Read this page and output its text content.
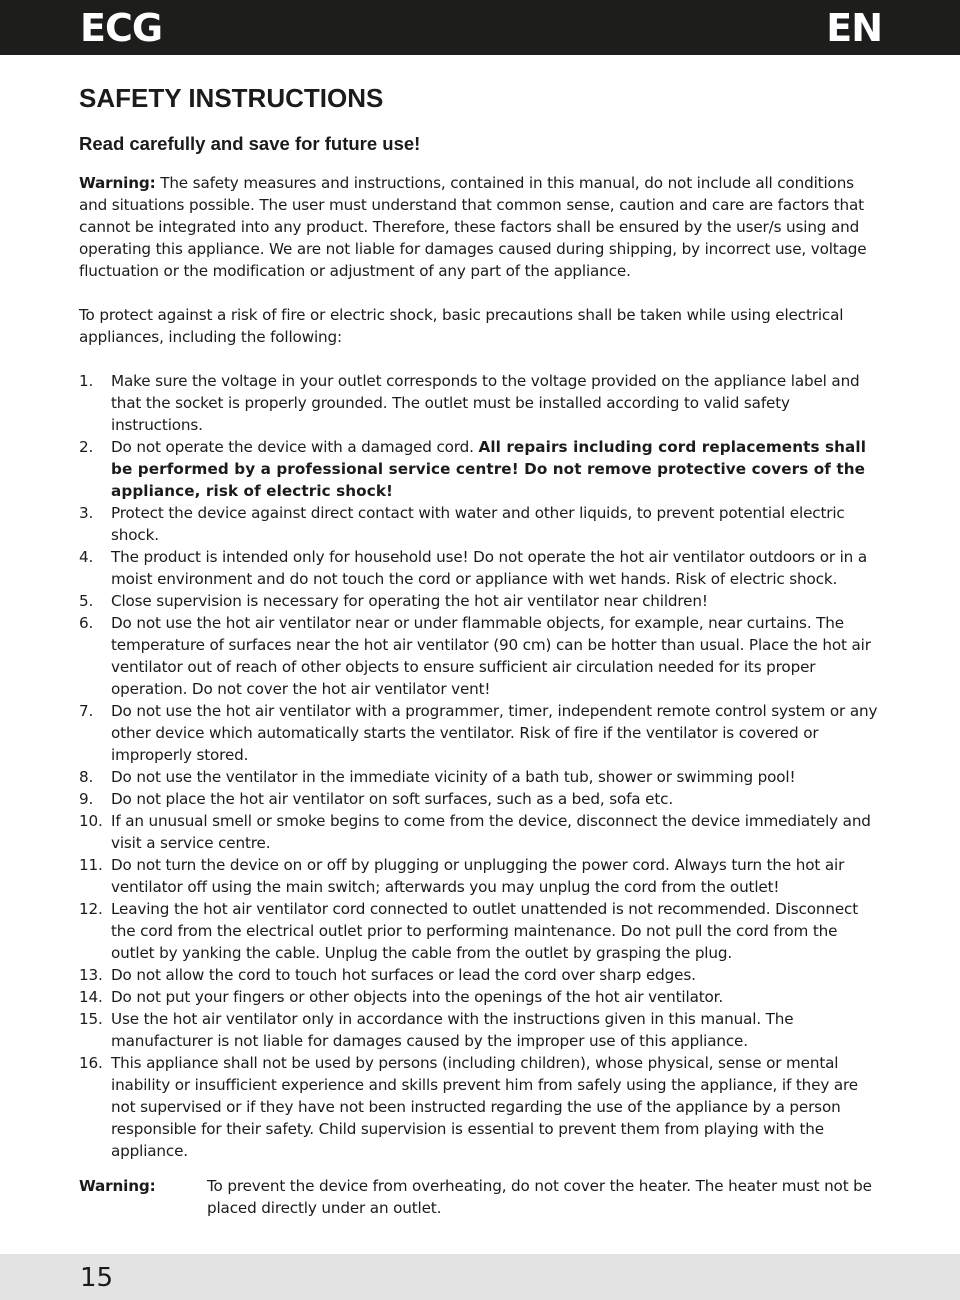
ECG	EN
SAFETY INSTRUCTIONS
Read carefully and save for future use!

Warning: The safety measures and instructions, contained in this manual, do not include all conditions and situations possible. The user must understand that common sense, caution and care are factors that cannot be integrated into any product. Therefore, these factors shall be ensured by the user/s using and operating this appliance. We are not liable for damages caused during shipping, by incorrect use, voltage fluctuation or the modification or adjustment of any part of the appliance.

To protect against a risk of fire or electric shock, basic precautions shall be taken while using electrical appliances, including the following:

1. Make sure the voltage in your outlet corresponds to the voltage provided on the appliance label and that the socket is properly grounded. The outlet must be installed according to valid safety instructions.
2. Do not operate the device with a damaged cord. All repairs including cord replacements shall be performed by a professional service centre! Do not remove protective covers of the appliance, risk of electric shock!
3. Protect the device against direct contact with water and other liquids, to prevent potential electric shock.
4. The product is intended only for household use! Do not operate the hot air ventilator outdoors or in a moist environment and do not touch the cord or appliance with wet hands. Risk of electric shock.
5. Close supervision is necessary for operating the hot air ventilator near children!
6. Do not use the hot air ventilator near or under flammable objects, for example, near curtains. The temperature of surfaces near the hot air ventilator (90 cm) can be hotter than usual. Place the hot air ventilator out of reach of other objects to ensure sufficient air circulation needed for its proper operation. Do not cover the hot air ventilator vent!
7. Do not use the hot air ventilator with a programmer, timer, independent remote control system or any other device which automatically starts the ventilator. Risk of fire if the ventilator is covered or improperly stored.
8. Do not use the ventilator in the immediate vicinity of a bath tub, shower or swimming pool!
9. Do not place the hot air ventilator on soft surfaces, such as a bed, sofa etc.
10. If an unusual smell or smoke begins to come from the device, disconnect the device immediately and visit a service centre.
11. Do not turn the device on or off by plugging or unplugging the power cord. Always turn the hot air ventilator off using the main switch; afterwards you may unplug the cord from the outlet!
12. Leaving the hot air ventilator cord connected to outlet unattended is not recommended. Disconnect the cord from the electrical outlet prior to performing maintenance. Do not pull the cord from the outlet by yanking the cable. Unplug the cable from the outlet by grasping the plug.
13. Do not allow the cord to touch hot surfaces or lead the cord over sharp edges.
14. Do not put your fingers or other objects into the openings of the hot air ventilator.
15. Use the hot air ventilator only in accordance with the instructions given in this manual. The manufacturer is not liable for damages caused by the improper use of this appliance.
16. This appliance shall not be used by persons (including children), whose physical, sense or mental inability or insufficient experience and skills prevent him from safely using the appliance, if they are not supervised or if they have not been instructed regarding the use of the appliance by a person responsible for their safety. Child supervision is essential to prevent them from playing with the appliance.
Warning:	To prevent the device from overheating, do not cover the heater. The heater must not be placed directly under an outlet.
15
